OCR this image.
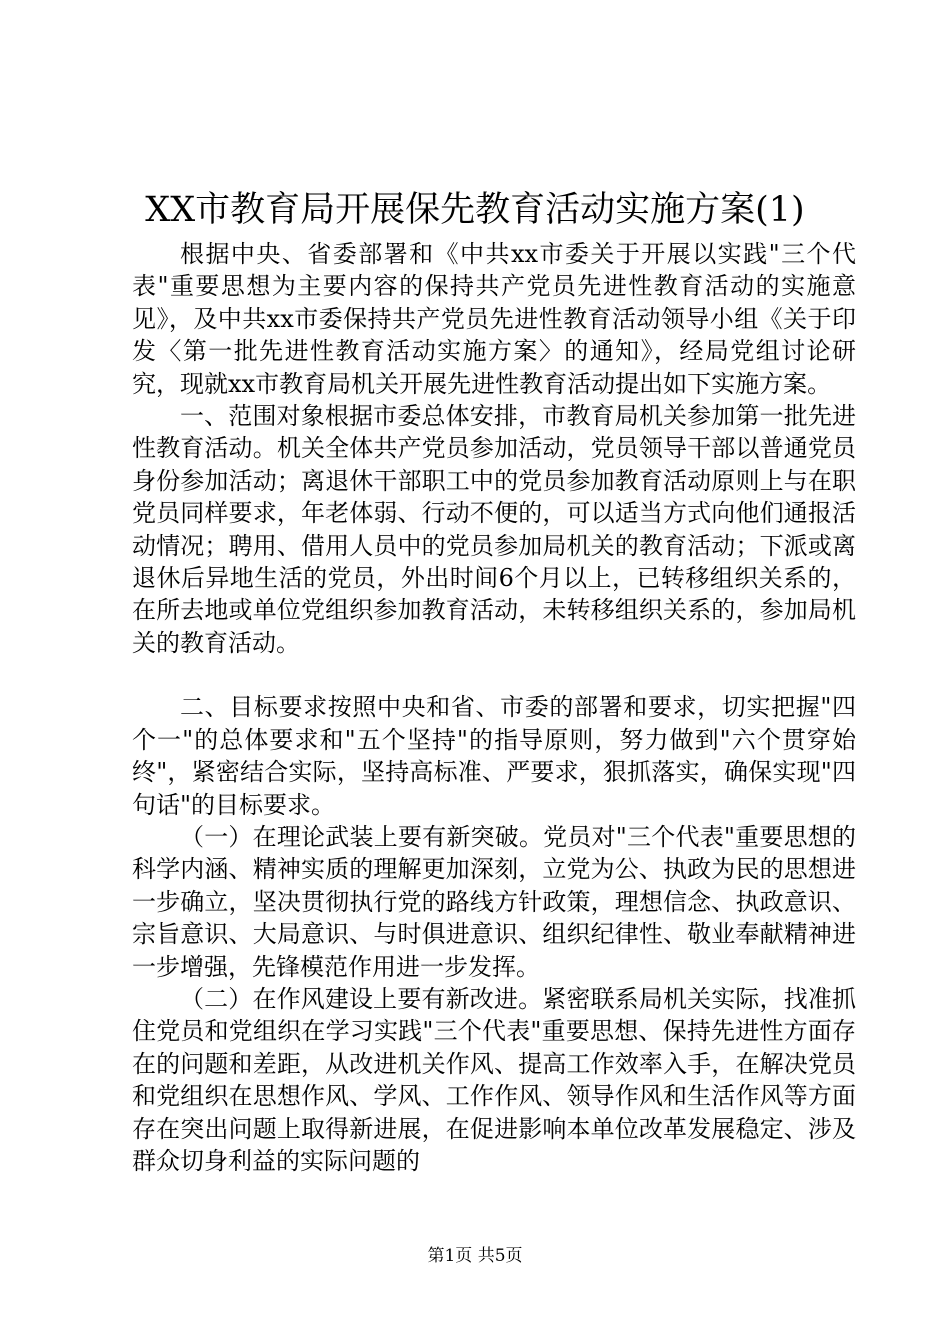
XX市教育局开展保先教育活动实施方案(1)

根据中央、省委部署和《中共xx市委关于开展以实践"三个代表"重要思想为主要内容的保持共产党员先进性教育活动的实施意见》，及中共xx市委保持共产党员先进性教育活动领导小组《关于印发〈第一批先进性教育活动实施方案〉的通知》，经局党组讨论研究，现就xx市教育局机关开展先进性教育活动提出如下实施方案。

一、范围对象根据市委总体安排，市教育局机关参加第一批先进性教育活动。机关全体共产党员参加活动，党员领导干部以普通党员身份参加活动；离退休干部职工中的党员参加教育活动原则上与在职党员同样要求，年老体弱、行动不便的，可以适当方式向他们通报活动情况；聘用、借用人员中的党员参加局机关的教育活动；下派或离退休后异地生活的党员，外出时间6个月以上，已转移组织关系的，在所去地或单位党组织参加教育活动，未转移组织关系的，参加局机关的教育活动。

二、目标要求按照中央和省、市委的部署和要求，切实把握"四个一"的总体要求和"五个坚持"的指导原则，努力做到"六个贯穿始终"，紧密结合实际，坚持高标准、严要求，狠抓落实，确保实现"四句话"的目标要求。

（一）在理论武装上要有新突破。党员对"三个代表"重要思想的科学内涵、精神实质的理解更加深刻，立党为公、执政为民的思想进一步确立，坚决贯彻执行党的路线方针政策，理想信念、执政意识、宗旨意识、大局意识、与时俱进意识、组织纪律性、敬业奉献精神进一步增强，先锋模范作用进一步发挥。

（二）在作风建设上要有新改进。紧密联系局机关实际，找准抓住党员和党组织在学习实践"三个代表"重要思想、保持先进性方面存在的问题和差距，从改进机关作风、提高工作效率入手，在解决党员和党组织在思想作风、学风、工作作风、领导作风和生活作风等方面存在突出问题上取得新进展，在促进影响本单位改革发展稳定、涉及群众切身利益的实际问题的

第1页 共5页
